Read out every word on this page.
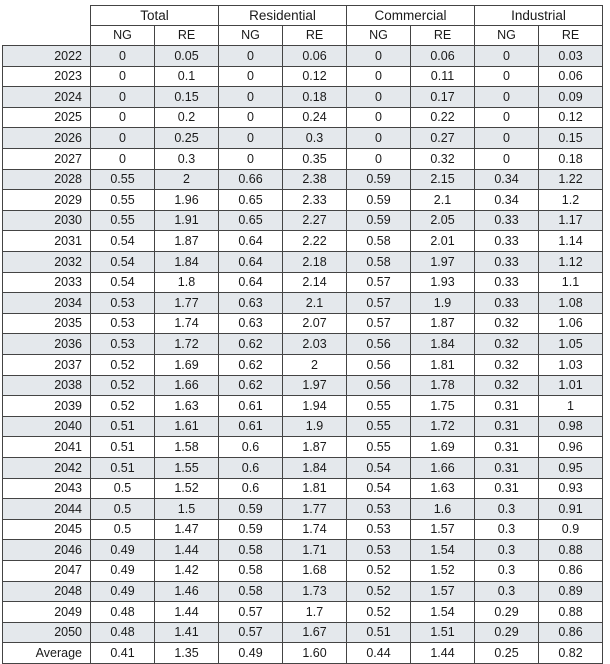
	Total		Residential		Commercial		Industrial	
	NG	RE	NG	RE	NG	RE	NG	RE
2022	0	0.05	0	0.06	0	0.06	0	0.03
2023	0	0.1	0	0.12	0	0.11	0	0.06
2024	0	0.15	0	0.18	0	0.17	0	0.09
2025	0	0.2	0	0.24	0	0.22	0	0.12
2026	0	0.25	0	0.3	0	0.27	0	0.15
2027	0	0.3	0	0.35	0	0.32	0	0.18
2028	0.55	2	0.66	2.38	0.59	2.15	0.34	1.22
2029	0.55	1.96	0.65	2.33	0.59	2.1	0.34	1.2
2030	0.55	1.91	0.65	2.27	0.59	2.05	0.33	1.17
2031	0.54	1.87	0.64	2.22	0.58	2.01	0.33	1.14
2032	0.54	1.84	0.64	2.18	0.58	1.97	0.33	1.12
2033	0.54	1.8	0.64	2.14	0.57	1.93	0.33	1.1
2034	0.53	1.77	0.63	2.1	0.57	1.9	0.33	1.08
2035	0.53	1.74	0.63	2.07	0.57	1.87	0.32	1.06
2036	0.53	1.72	0.62	2.03	0.56	1.84	0.32	1.05
2037	0.52	1.69	0.62	2	0.56	1.81	0.32	1.03
2038	0.52	1.66	0.62	1.97	0.56	1.78	0.32	1.01
2039	0.52	1.63	0.61	1.94	0.55	1.75	0.31	1
2040	0.51	1.61	0.61	1.9	0.55	1.72	0.31	0.98
2041	0.51	1.58	0.6	1.87	0.55	1.69	0.31	0.96
2042	0.51	1.55	0.6	1.84	0.54	1.66	0.31	0.95
2043	0.5	1.52	0.6	1.81	0.54	1.63	0.31	0.93
2044	0.5	1.5	0.59	1.77	0.53	1.6	0.3	0.91
2045	0.5	1.47	0.59	1.74	0.53	1.57	0.3	0.9
2046	0.49	1.44	0.58	1.71	0.53	1.54	0.3	0.88
2047	0.49	1.42	0.58	1.68	0.52	1.52	0.3	0.86
2048	0.49	1.46	0.58	1.73	0.52	1.57	0.3	0.89
2049	0.48	1.44	0.57	1.7	0.52	1.54	0.29	0.88
2050	0.48	1.41	0.57	1.67	0.51	1.51	0.29	0.86
Average	0.41	1.35	0.49	1.60	0.44	1.44	0.25	0.82
